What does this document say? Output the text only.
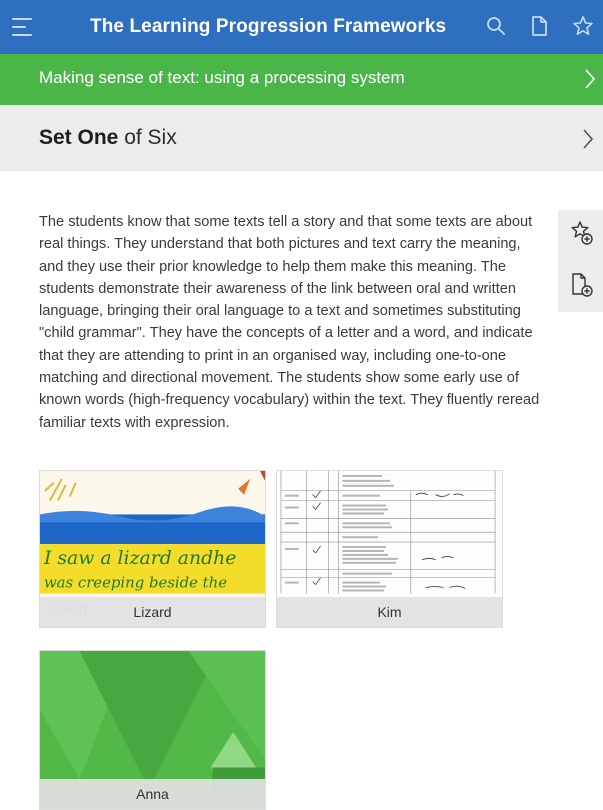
The Learning Progression Frameworks
Making sense of text: using a processing system
Set One of Six

The students know that some texts tell a story and that some texts are about real things. They understand that both pictures and text carry the meaning, and they use their prior knowledge to help them make this meaning. The students demonstrate their awareness of the link between oral and written language, bringing their oral language to a text and sometimes substituting "child grammar". They have the concepts of a letter and a word, and indicate that they are attending to print in an organised way, including one-to-one matching and directional movement. The students show some early use of known words (high-frequency vocabulary) within the text. They fluently reread familiar texts with expression.

I saw a lizard andhe
was creeping beside the
Lizard	Kim
Anna
